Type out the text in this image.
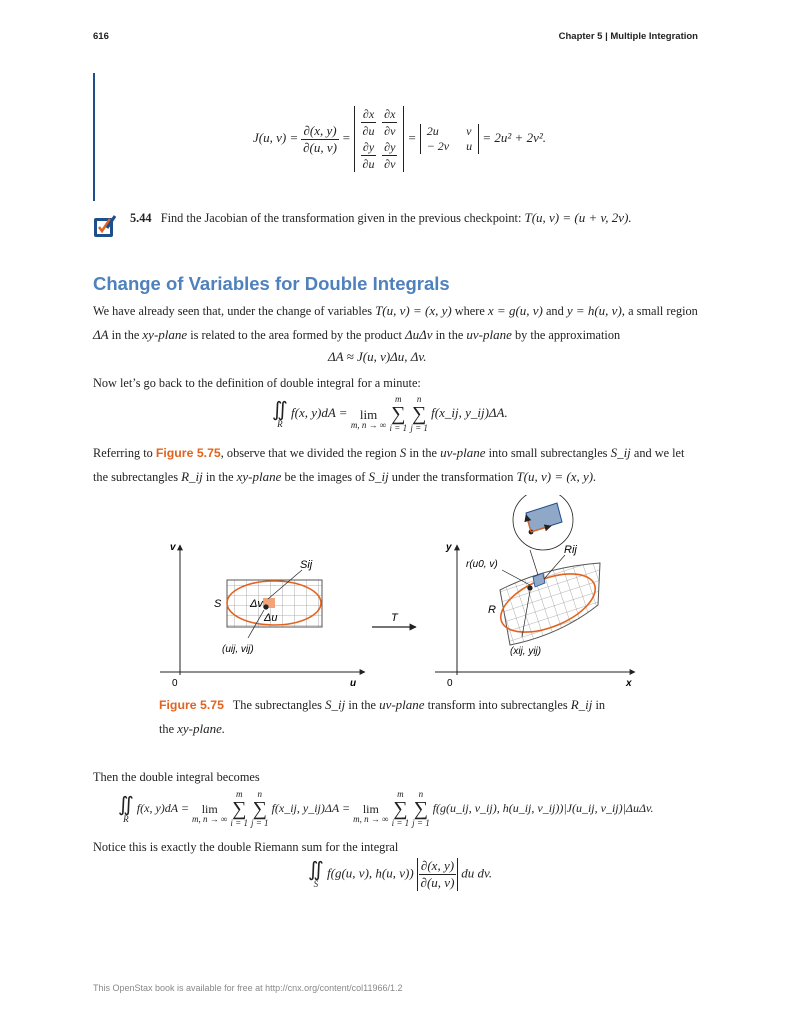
616	Chapter 5 | Multiple Integration
J(u, $v) = \frac{\partial(x, y)}{\partial(u, v)} = \frac{\partial x}{\partial u}$	$\frac{\partial x}{\partial v}$

$\frac{\partial y}{\partial u}$	$\frac{\partial y}{\partial v}$
= 2u	v
− 2v	u
= 2u² + 2v².
5.44 Find the Jacobian of the transformation given in the previous checkpoint: T(u, v) = (u + v, 2v).
Change of Variables for Double Integrals
We have already seen that, under the change of variables T(u, v) = (x, y) where x = g(u, v) and y = h(u, v), a small region ΔA in the xy-plane is related to the area formed by the product ΔuΔv in the uv-plane by the approximation
ΔA ≈ J(u, v)Δu, Δv.
Now let’s go back to the definition of double integral for a minute:
∬
R
f(x, y)dA =
lim
m, n → ∞

m
∑
i = 1

n
∑
j = 1
f(x_ij, y_ij)ΔA.
Referring to Figure 5.75, observe that we divided the region S in the uv-plane into small subrectangles S_ij and we let the subrectangles R_ij in the xy-plane be the images of S_ij under the transformation T(u, v) = (x, y).
v
u
0
S
Sij
Δv
Δu
(uij, vij)
T
y
x
0
r(u0, v)
R
Rij
(xij, yij)
Figure 5.75 The subrectangles S_ij in the uv-plane transform into subrectangles R_ij in the xy-plane.
Then the double integral becomes
∬
R
f(x, y)dA =
lim
m, n → ∞

m
∑
i = 1

n
∑
j = 1
f(x_ij, y_ij)ΔA =
lim
m, n → ∞

m
∑
i = 1

n
∑
j = 1
f(g(u_ij, v_ij), h(u_ij, v_ij))|J(u_ij, v_ij)|ΔuΔv.
Notice this is exactly the double Riemann sum for the integral
∬
S
f(g(u, v), h(u, $v)) \frac{\partial(x, y)}{\partial(u, v)}$ du dv.
This OpenStax book is available for free at http://cnx.org/content/col11966/1.2
